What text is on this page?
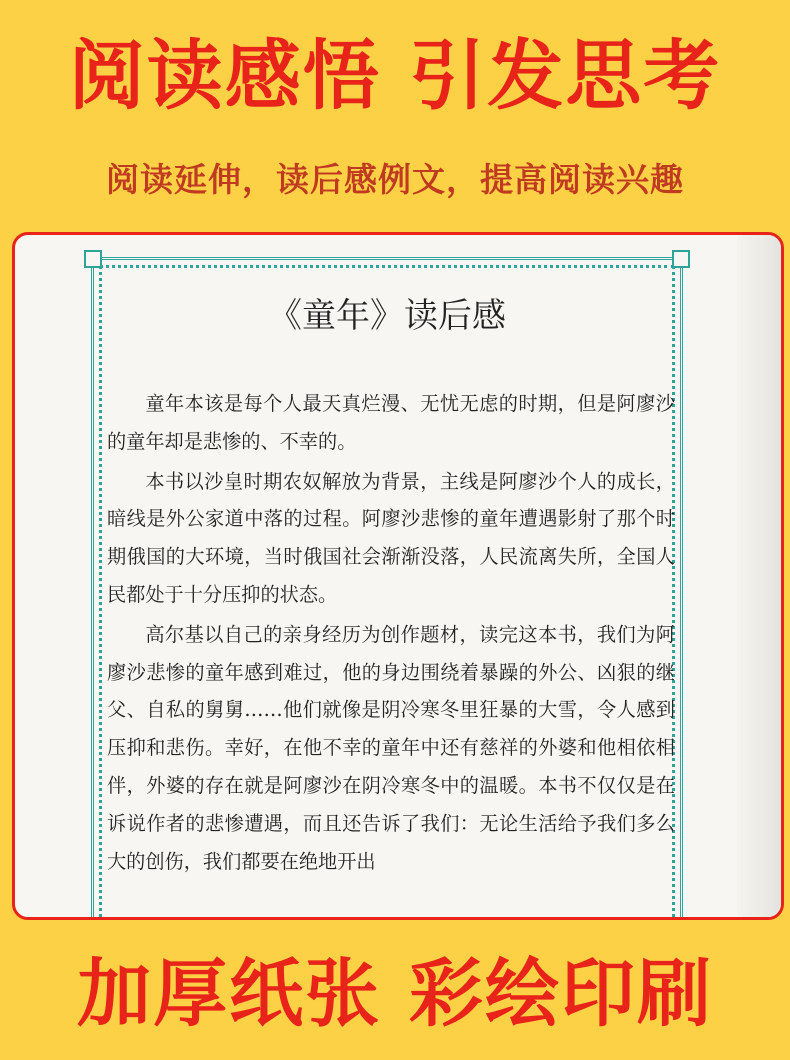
阅读感悟 引发思考
阅读延伸，读后感例文，提高阅读兴趣
《童年》读后感

童年本该是每个人最天真烂漫、无忧无虑的时期，但是阿廖沙的童年却是悲惨的、不幸的。

本书以沙皇时期农奴解放为背景，主线是阿廖沙个人的成长，暗线是外公家道中落的过程。阿廖沙悲惨的童年遭遇影射了那个时期俄国的大环境，当时俄国社会渐渐没落，人民流离失所，全国人民都处于十分压抑的状态。

高尔基以自己的亲身经历为创作题材，读完这本书，我们为阿廖沙悲惨的童年感到难过，他的身边围绕着暴躁的外公、凶狠的继父、自私的舅舅……他们就像是阴冷寒冬里狂暴的大雪，令人感到压抑和悲伤。幸好，在他不幸的童年中还有慈祥的外婆和他相依相伴，外婆的存在就是阿廖沙在阴冷寒冬中的温暖。本书不仅仅是在诉说作者的悲惨遭遇，而且还告诉了我们：无论生活给予我们多么大的创伤，我们都要在绝地开出

加厚纸张 彩绘印刷
